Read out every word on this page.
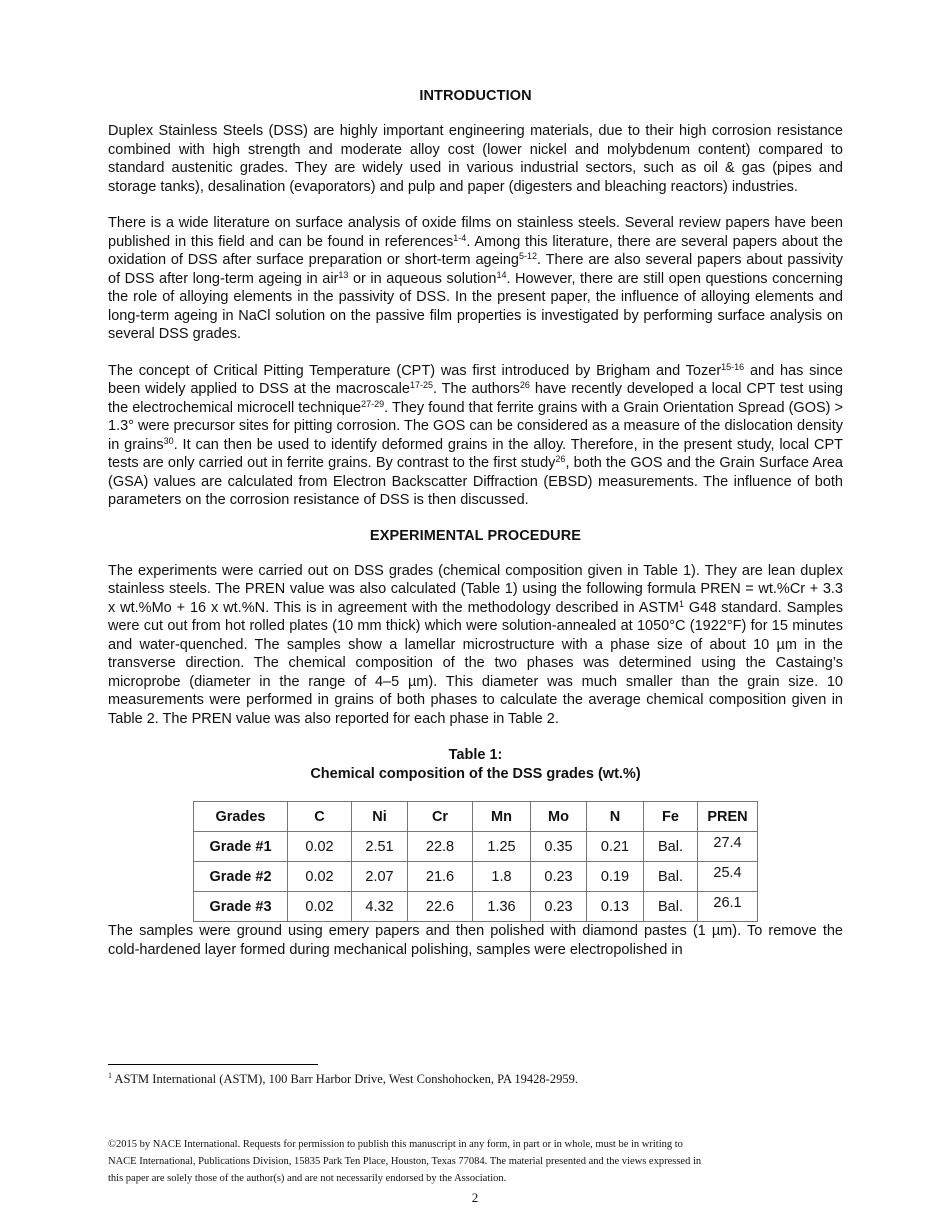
INTRODUCTION

Duplex Stainless Steels (DSS) are highly important engineering materials, due to their high corrosion resistance combined with high strength and moderate alloy cost (lower nickel and molybdenum content) compared to standard austenitic grades. They are widely used in various industrial sectors, such as oil & gas (pipes and storage tanks), desalination (evaporators) and pulp and paper (digesters and bleaching reactors) industries.

There is a wide literature on surface analysis of oxide films on stainless steels. Several review papers have been published in this field and can be found in references$^{1-4}$. Among this literature, there are several papers about the oxidation of DSS after surface preparation or short-term ageing$^{5-12}$. There are also several papers about passivity of DSS after long-term ageing in air$^{13}$ or in aqueous solution$^{14}$. However, there are still open questions concerning the role of alloying elements in the passivity of DSS. In the present paper, the influence of alloying elements and long-term ageing in NaCl solution on the passive film properties is investigated by performing surface analysis on several DSS grades.

The concept of Critical Pitting Temperature (CPT) was first introduced by Brigham and Tozer$^{15-16}$ and has since been widely applied to DSS at the macroscale$^{17-25}$. The authors$^{26}$ have recently developed a local CPT test using the electrochemical microcell technique$^{27-29}$. They found that ferrite grains with a Grain Orientation Spread (GOS) > 1.3° were precursor sites for pitting corrosion. The GOS can be considered as a measure of the dislocation density in grains$^{30}$. It can then be used to identify deformed grains in the alloy. Therefore, in the present study, local CPT tests are only carried out in ferrite grains. By contrast to the first study$^{26}$, both the GOS and the Grain Surface Area (GSA) values are calculated from Electron Backscatter Diffraction (EBSD) measurements. The influence of both parameters on the corrosion resistance of DSS is then discussed.

EXPERIMENTAL PROCEDURE

The experiments were carried out on DSS grades (chemical composition given in Table 1). They are lean duplex stainless steels. The PREN value was also calculated (Table 1) using the following formula PREN = wt.%Cr + 3.3 x wt.%Mo + 16 x wt.%N. This is in agreement with the methodology described in ASTM$^1$ G48 standard. Samples were cut out from hot rolled plates (10 mm thick) which were solution-annealed at 1050°C (1922°F) for 15 minutes and water-quenched. The samples show a lamellar microstructure with a phase size of about 10 µm in the transverse direction. The chemical composition of the two phases was determined using the Castaing’s microprobe (diameter in the range of 4–5 µm). This diameter was much smaller than the grain size. 10 measurements were performed in grains of both phases to calculate the average chemical composition given in Table 2. The PREN value was also reported for each phase in Table 2.

Table 1:
Chemical composition of the DSS grades (wt.%)
Grades	C	Ni	Cr	Mn	Mo	N	Fe	PREN
Grade #1	0.02	2.51	22.8	1.25	0.35	0.21	Bal.	27.4
Grade #2	0.02	2.07	21.6	1.8	0.23	0.19	Bal.	25.4
Grade #3	0.02	4.32	22.6	1.36	0.23	0.13	Bal.	26.1

The samples were ground using emery papers and then polished with diamond pastes (1 µm). To remove the cold-hardened layer formed during mechanical polishing, samples were electropolished in

$^1$ ASTM International (ASTM), 100 Barr Harbor Drive, West Conshohocken, PA 19428-2959.
©2015 by NACE International. Requests for permission to publish this manuscript in any form, in part or in whole, must be in writing to
NACE International, Publications Division, 15835 Park Ten Place, Houston, Texas 77084. The material presented and the views expressed in
this paper are solely those of the author(s) and are not necessarily endorsed by the Association.
2
